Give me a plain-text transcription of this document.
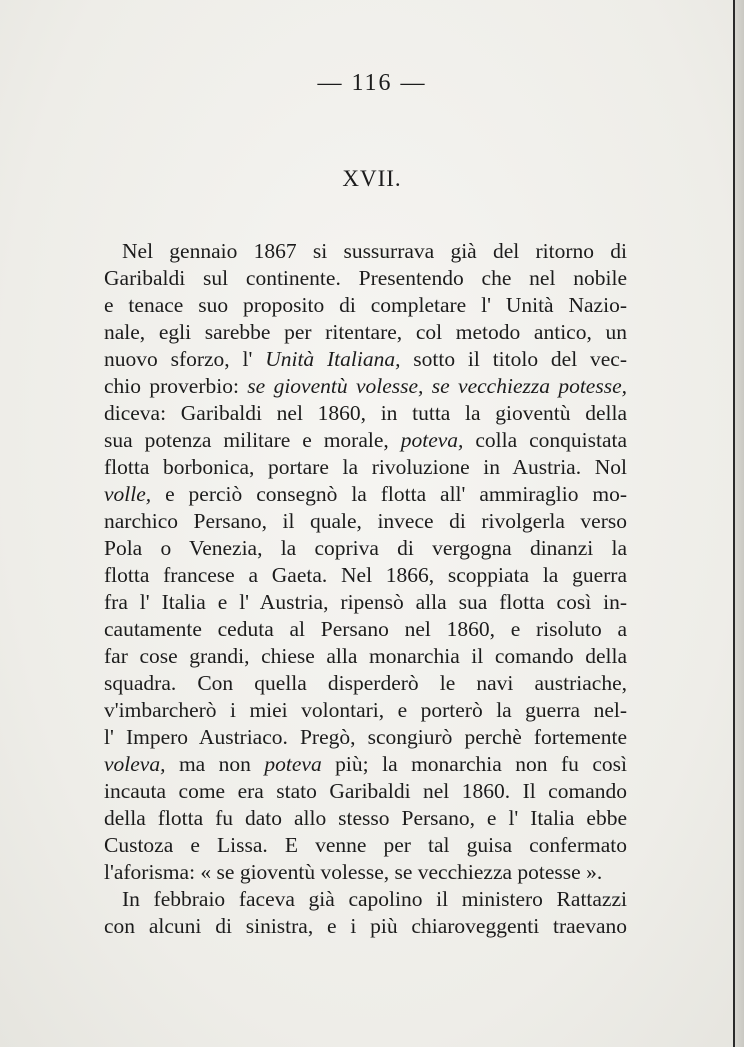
— 116 —
XVII.
Nel gennaio 1867 si sussurrava già del ritorno di
Garibaldi sul continente. Presentendo che nel nobile
e tenace suo proposito di completare l' Unità Nazio-
nale, egli sarebbe per ritentare, col metodo antico, un
nuovo sforzo, l' Unità Italiana, sotto il titolo del vec-
chio proverbio: se gioventù volesse, se vecchiezza potesse,
diceva: Garibaldi nel 1860, in tutta la gioventù della
sua potenza militare e morale, poteva, colla conquistata
flotta borbonica, portare la rivoluzione in Austria. Nol
volle, e perciò consegnò la flotta all' ammiraglio mo-
narchico Persano, il quale, invece di rivolgerla verso
Pola o Venezia, la copriva di vergogna dinanzi la
flotta francese a Gaeta. Nel 1866, scoppiata la guerra
fra l' Italia e l' Austria, ripensò alla sua flotta così in-
cautamente ceduta al Persano nel 1860, e risoluto a
far cose grandi, chiese alla monarchia il comando della
squadra. Con quella disperderò le navi austriache,
v'imbarcherò i miei volontari, e porterò la guerra nel-
l' Impero Austriaco. Pregò, scongiurò perchè fortemente
voleva, ma non poteva più; la monarchia non fu così
incauta come era stato Garibaldi nel 1860. Il comando
della flotta fu dato allo stesso Persano, e l' Italia ebbe
Custoza e Lissa. E venne per tal guisa confermato
l'aforisma: « se gioventù volesse, se vecchiezza potesse ».
In febbraio faceva già capolino il ministero Rattazzi
con alcuni di sinistra, e i più chiaroveggenti traevano
